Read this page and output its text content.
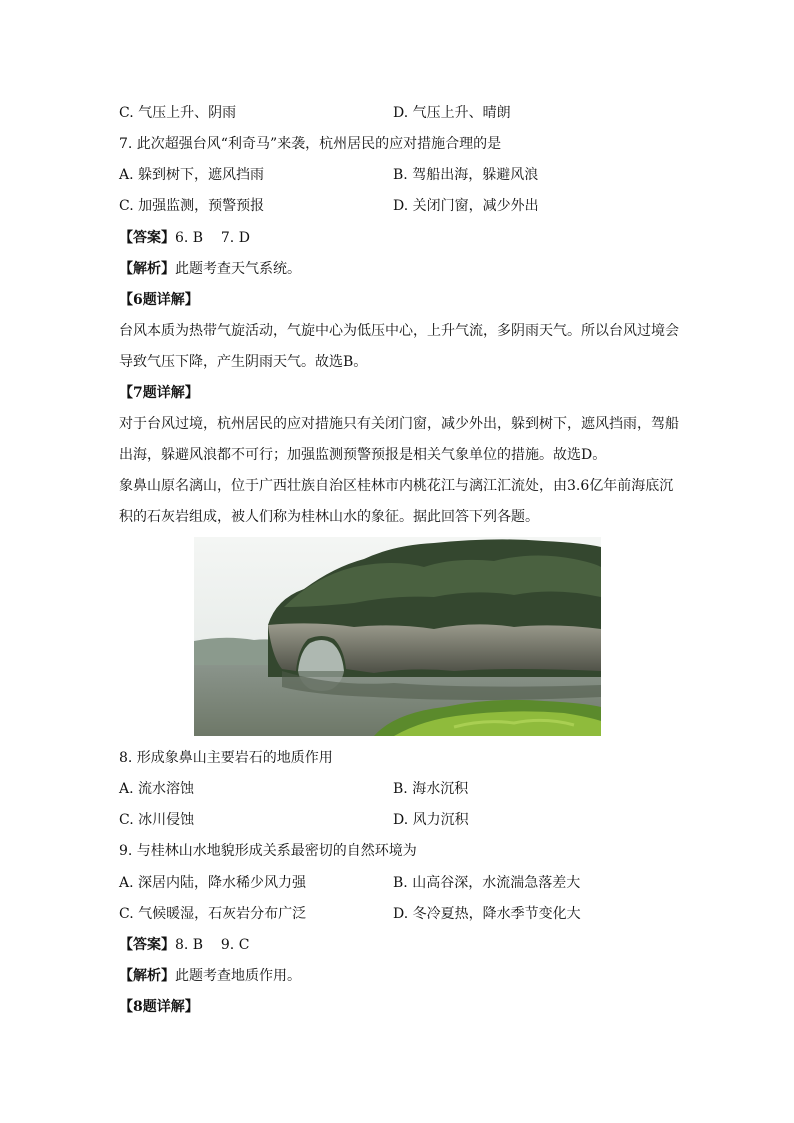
C. 气压上升、阴雨	D. 气压上升、晴朗
7. 此次超强台风“利奇马”来袭，杭州居民的应对措施合理的是
A. 躲到树下，遮风挡雨	B. 驾船出海，躲避风浪
C. 加强监测，预警预报	D. 关闭门窗，减少外出
【答案】6. B    7. D
【解析】此题考查天气系统。
【6题详解】
台风本质为热带气旋活动，气旋中心为低压中心，上升气流，多阴雨天气。所以台风过境会导致气压下降，产生阴雨天气。故选B。
【7题详解】
对于台风过境，杭州居民的应对措施只有关闭门窗，减少外出，躲到树下，遮风挡雨，驾船出海，躲避风浪都不可行；加强监测预警预报是相关气象单位的措施。故选D。
象鼻山原名漓山，位于广西壮族自治区桂林市内桃花江与漓江汇流处，由3.6亿年前海底沉积的石灰岩组成，被人们称为桂林山水的象征。据此回答下列各题。
8. 形成象鼻山主要岩石的地质作用
A. 流水溶蚀	B. 海水沉积
C. 冰川侵蚀	D. 风力沉积
9. 与桂林山水地貌形成关系最密切的自然环境为
A. 深居内陆，降水稀少风力强	B. 山高谷深，水流湍急落差大
C. 气候暖湿，石灰岩分布广泛	D. 冬冷夏热，降水季节变化大
【答案】8. B    9. C
【解析】此题考查地质作用。
【8题详解】
